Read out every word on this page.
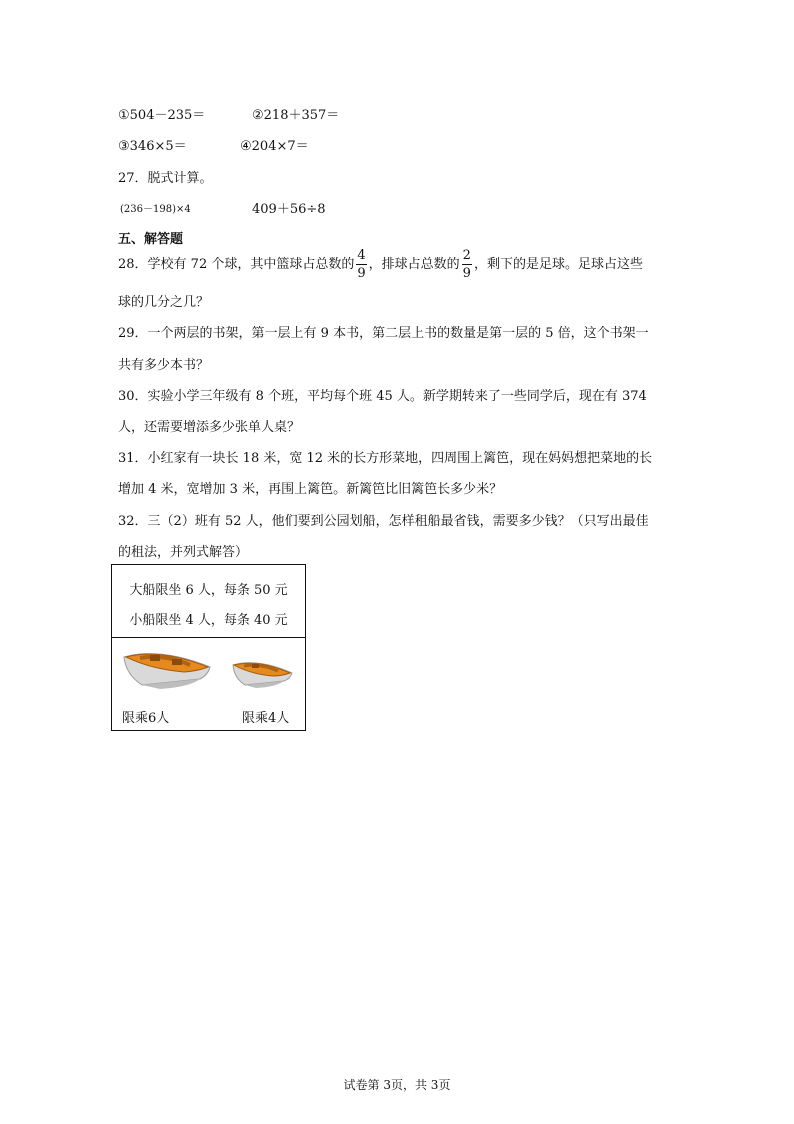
①504－235＝	②218＋357＝
③346×5＝	④204×7＝
27．脱式计算。
(236－198)×4	409＋56÷8
五、解答题
28．学校有 72 个球，其中篮球占总数的 $\frac{4}{9}$ ，排球占总数的 $\frac{2}{9}$ ，剩下的是足球。足球占这些
球的几分之几？
29．一个两层的书架，第一层上有 9 本书，第二层上书的数量是第一层的 5 倍，这个书架一
共有多少本书？
30．实验小学三年级有 8 个班，平均每个班 45 人。新学期转来了一些同学后，现在有 374
人，还需要增添多少张单人桌？
31．小红家有一块长 18 米，宽 12 米的长方形菜地，四周围上篱笆，现在妈妈想把菜地的长
增加 4 米，宽增加 3 米，再围上篱笆。新篱笆比旧篱笆长多少米？
32．三（2）班有 52 人，他们要到公园划船，怎样租船最省钱，需要多少钱？（只写出最佳
的租法，并列式解答）
大船限坐 6 人，每条 50 元
小船限坐 4 人，每条 40 元
限乘6人	限乘4人
试卷第 3页，共 3页
